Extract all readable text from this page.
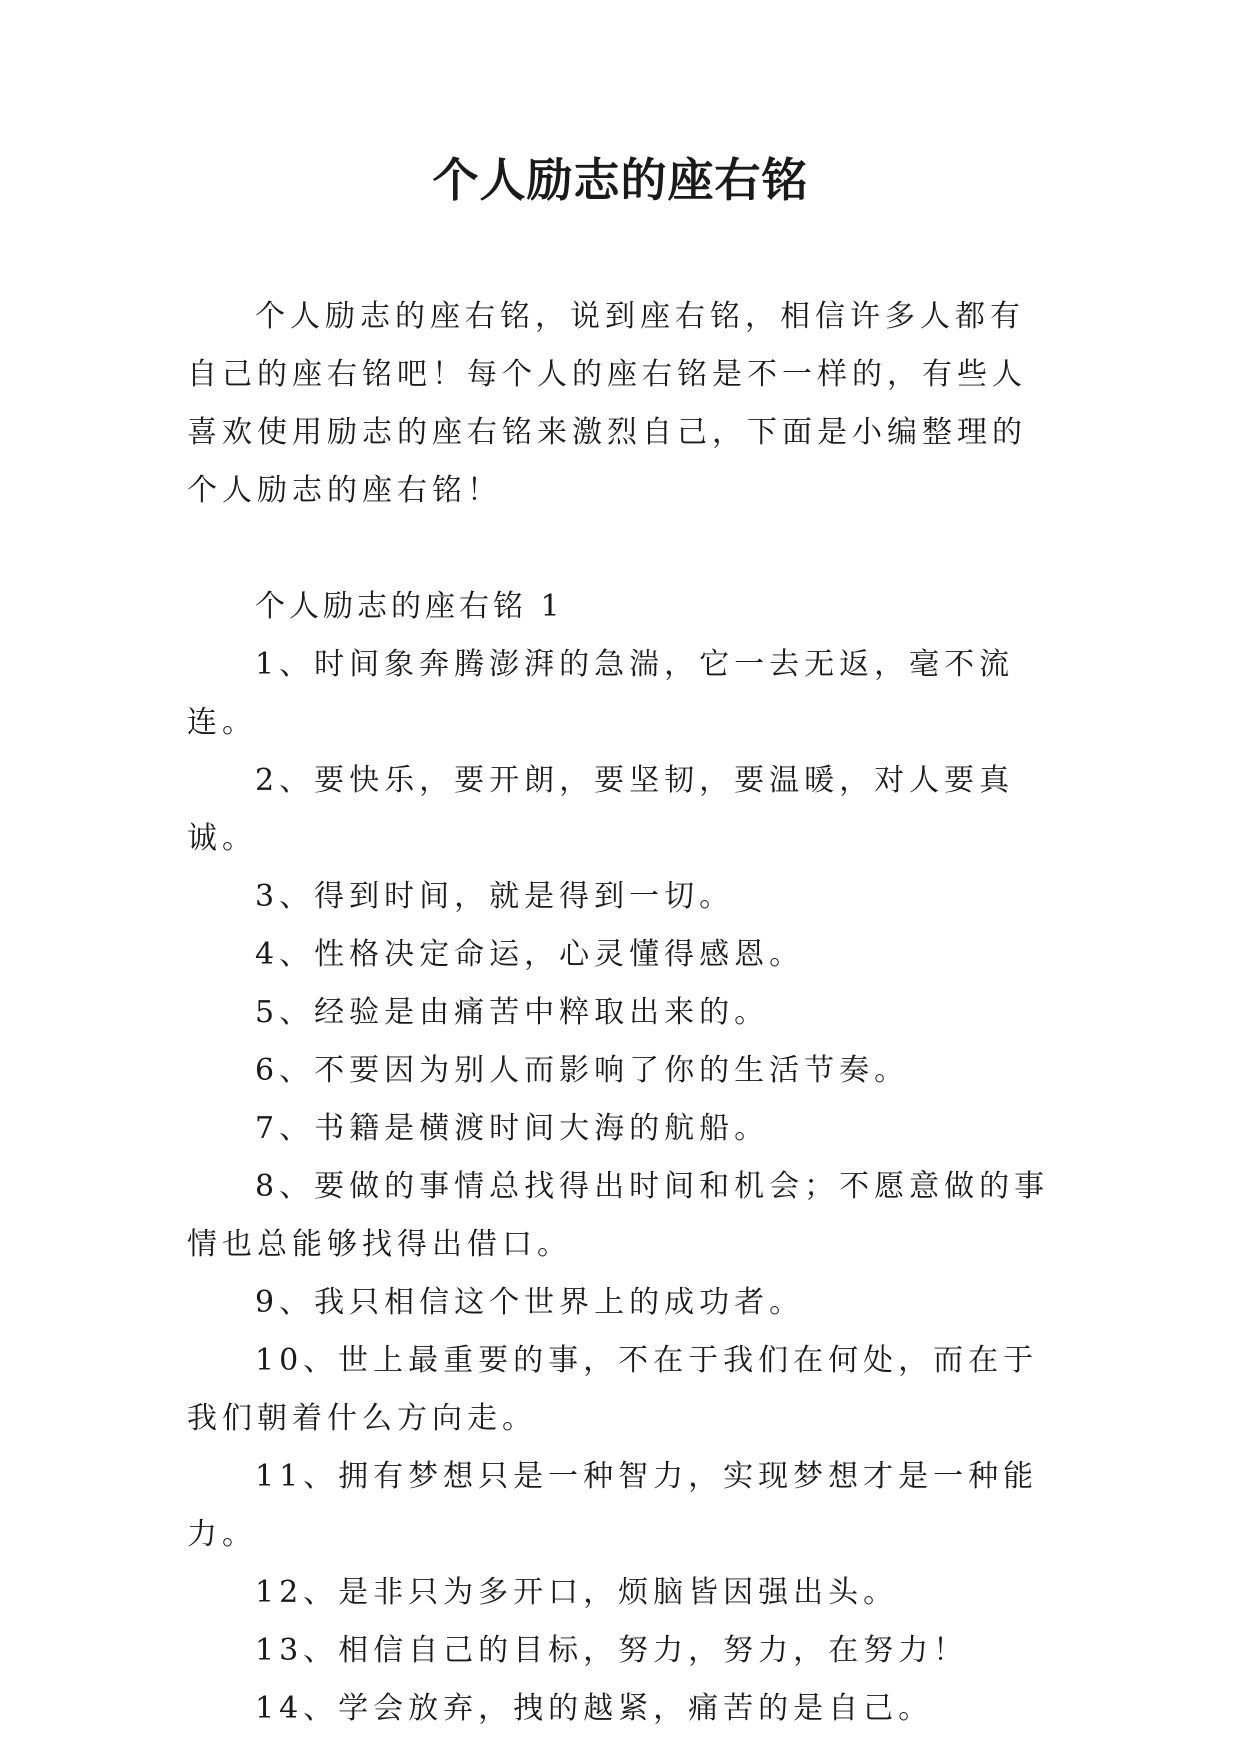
个人励志的座右铭

个人励志的座右铭，说到座右铭，相信许多人都有自己的座右铭吧！每个人的座右铭是不一样的，有些人喜欢使用励志的座右铭来激烈自己，下面是小编整理的个人励志的座右铭！

个人励志的座右铭 1

1、时间象奔腾澎湃的急湍，它一去无返，毫不流连。

2、要快乐，要开朗，要坚韧，要温暖，对人要真诚。

3、得到时间，就是得到一切。

4、性格决定命运，心灵懂得感恩。

5、经验是由痛苦中粹取出来的。

6、不要因为别人而影响了你的生活节奏。

7、书籍是横渡时间大海的航船。

8、要做的事情总找得出时间和机会；不愿意做的事情也总能够找得出借口。

9、我只相信这个世界上的成功者。

10、世上最重要的事，不在于我们在何处，而在于我们朝着什么方向走。

11、拥有梦想只是一种智力，实现梦想才是一种能力。

12、是非只为多开口，烦脑皆因强出头。

13、相信自己的目标，努力，努力，在努力！

14、学会放弃，拽的越紧，痛苦的是自己。
